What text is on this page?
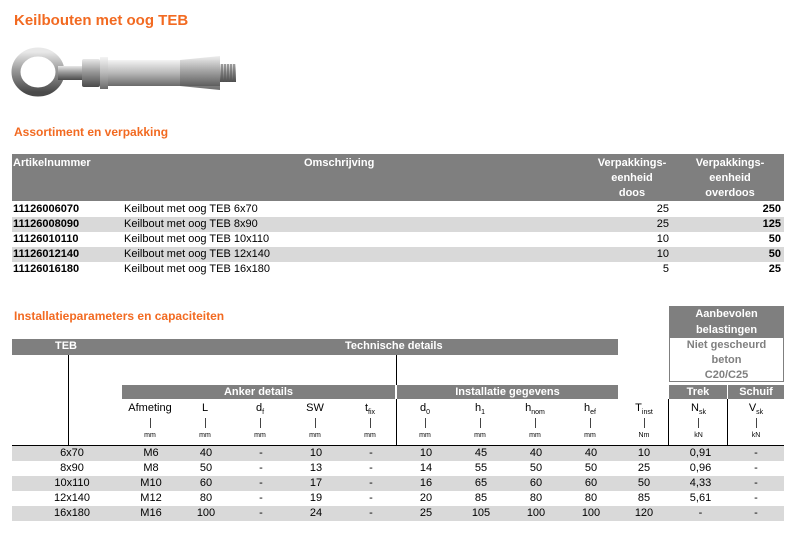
Keilbouten met oog TEB
Assortiment en verpakking
Artikelnummer	Omschrijving	Verpakkings-
eenheid
doos
Verpakkings-
eenheid
overdoos
11126006070	Keilbout met oog TEB 6x70	25	250
11126008090	Keilbout met oog TEB 8x90	25	125
11126010110	Keilbout met oog TEB 10x110	10	50
11126012140	Keilbout met oog TEB 12x140	10	50
11126016180	Keilbout met oog TEB 16x180	5	25
Installatieparameters en capaciteiten	Aanbevolen
belastingen
Niet gescheurd
beton
C20/C25
TEB	Technische details
Anker details	Installatie gegevens	Trek	Schuif
Afmeting	L	$d_f$	SW	$t_{fix}$	$d_0$	$h_1$	$h_{nom}$	$h_{ef}$	$T_{inst}$	$N_{sk}$	$V_{sk}$
mm	mm	mm	mm	mm	mm	mm	mm	mm	Nm	kN	kN
6x70	M6	40	-	10	-	10	45	40	40	10	0,91	-
8x90	M8	50	-	13	-	14	55	50	50	25	0,96	-
10x110	M10	60	-	17	-	16	65	60	60	50	4,33	-
12x140	M12	80	-	19	-	20	85	80	80	85	5,61	-
16x180	M16	100	-	24	-	25	105	100	100	120	-	-
